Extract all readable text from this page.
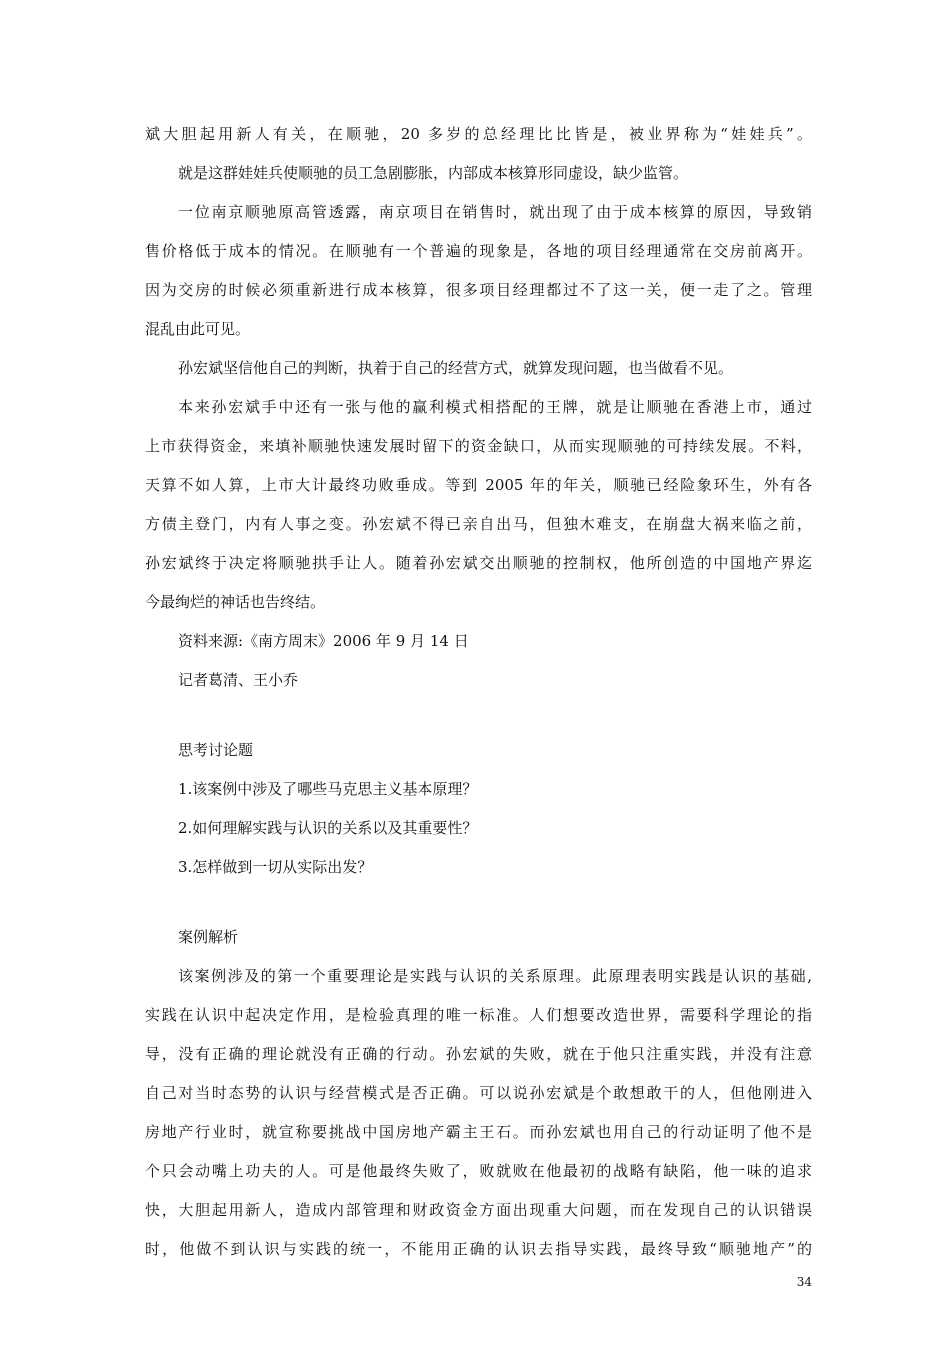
斌大胆起用新人有关，在顺驰，20 多岁的总经理比比皆是，被业界称为“娃娃兵”。
就是这群娃娃兵使顺驰的员工急剧膨胀，内部成本核算形同虚设，缺少监管。
一位南京顺驰原高管透露，南京项目在销售时，就出现了由于成本核算的原因，导致销
售价格低于成本的情况。在顺驰有一个普遍的现象是，各地的项目经理通常在交房前离开。
因为交房的时候必须重新进行成本核算，很多项目经理都过不了这一关，便一走了之。管理
混乱由此可见。
孙宏斌坚信他自己的判断，执着于自己的经营方式，就算发现问题，也当做看不见。
本来孙宏斌手中还有一张与他的赢利模式相搭配的王牌，就是让顺驰在香港上市，通过
上市获得资金，来填补顺驰快速发展时留下的资金缺口，从而实现顺驰的可持续发展。不料，
天算不如人算，上市大计最终功败垂成。等到 2005 年的年关，顺驰已经险象环生，外有各
方债主登门，内有人事之变。孙宏斌不得已亲自出马，但独木难支，在崩盘大祸来临之前，
孙宏斌终于决定将顺驰拱手让人。随着孙宏斌交出顺驰的控制权，他所创造的中国地产界迄
今最绚烂的神话也告终结。
资料来源:《南方周末》2006 年 9 月 14 日
记者葛清、王小乔
思考讨论题
1.该案例中涉及了哪些马克思主义基本原理？
2.如何理解实践与认识的关系以及其重要性？
3.怎样做到一切从实际出发？
案例解析
该案例涉及的第一个重要理论是实践与认识的关系原理。此原理表明实践是认识的基础,
实践在认识中起决定作用，是检验真理的唯一标准。人们想要改造世界，需要科学理论的指
导，没有正确的理论就没有正确的行动。孙宏斌的失败，就在于他只注重实践，并没有注意
自己对当时态势的认识与经营模式是否正确。可以说孙宏斌是个敢想敢干的人，但他刚进入
房地产行业时，就宣称要挑战中国房地产霸主王石。而孙宏斌也用自己的行动证明了他不是
个只会动嘴上功夫的人。可是他最终失败了，败就败在他最初的战略有缺陷，他一味的追求
快，大胆起用新人，造成内部管理和财政资金方面出现重大问题，而在发现自己的认识错误
时，他做不到认识与实践的统一，不能用正确的认识去指导实践，最终导致“顺驰地产”的
34
